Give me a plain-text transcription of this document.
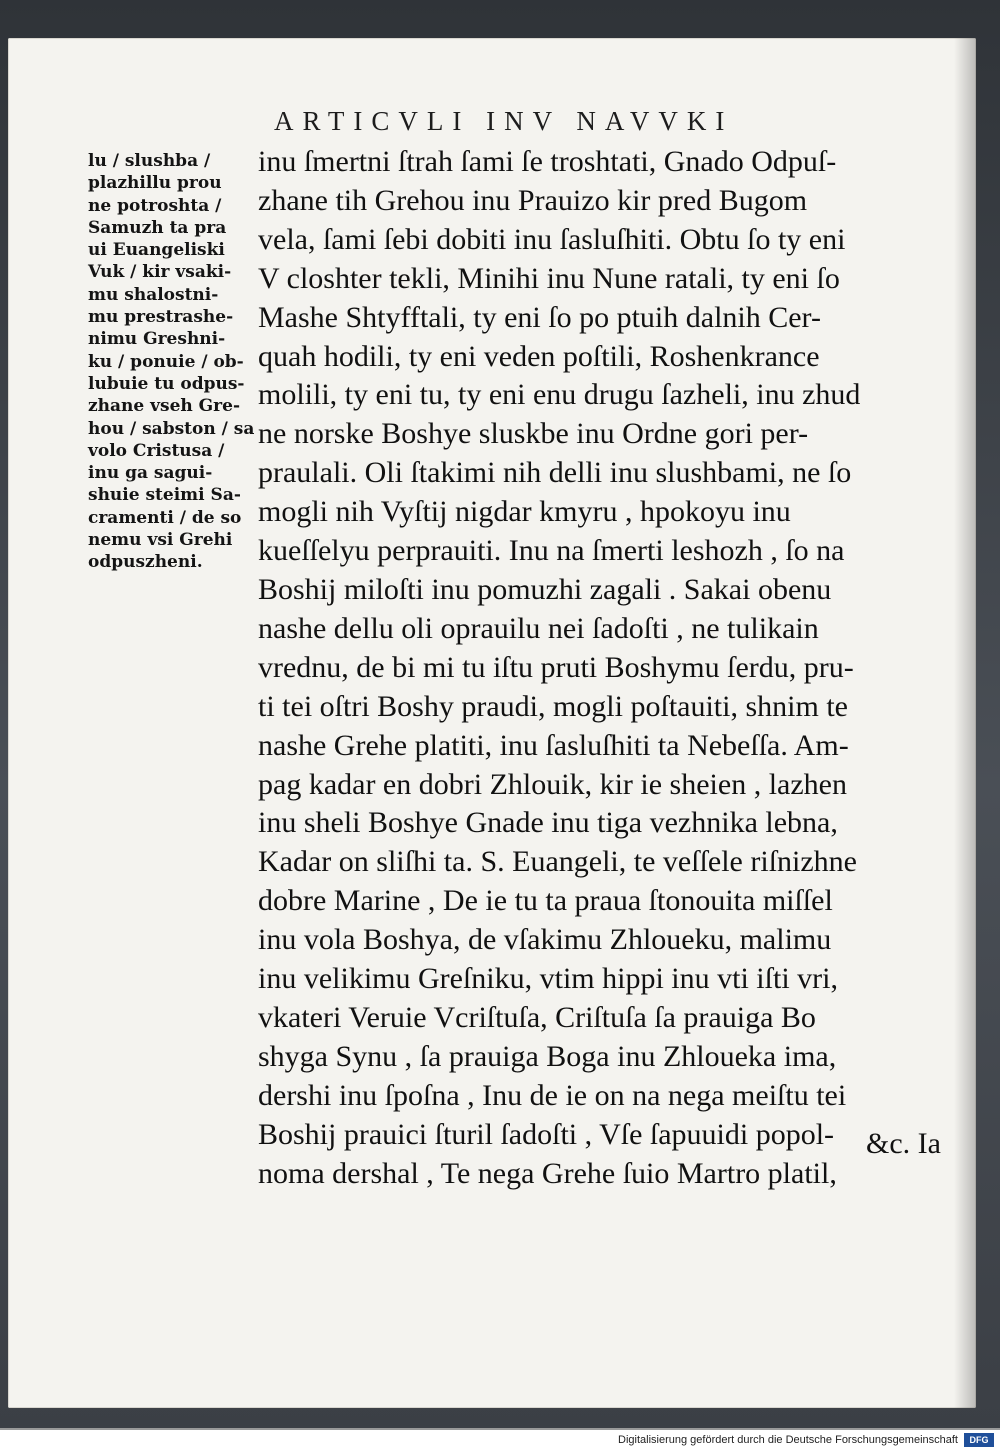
ARTICVLI INV NAVVKI
lu / slushba /
plazhillu prou
ne potroshta /
Samuzh ta pra
ui Euangeliski
Vuk / kir vsaki-
mu shalostni-
mu prestrashe-
nimu Greshni-
ku / ponuie / ob-
lubuie tu odpus-
zhane vseh Gre-
hou / sabston / sa
volo Cristusa /
inu ga sagui-
shuie steimi Sa-
cramenti / de so
nemu vsi Grehi
odpuszheni.
inu ſmertni ſtrah ſami ſe troshtati, Gnado Odpuſ-
zhane tih Grehou inu Prauizo kir pred Bugom
vela, ſami ſebi dobiti inu ſasluſhiti. Obtu ſo ty eni
V closhter tekli, Minihi inu Nune ratali, ty eni ſo
Mashe Shtyfftali, ty eni ſo po ptuih dalnih Cer-
quah hodili, ty eni veden poſtili, Roshenkrance
molili, ty eni tu, ty eni enu drugu ſazheli, inu zhud
ne norske Boshye sluskbe inu Ordne gori per-
praulali. Oli ſtakimi nih delli inu slushbami, ne ſo
mogli nih Vyſtij nigdar kmyru , hpokoyu inu
kueſſelyu perprauiti. Inu na ſmerti leshozh , ſo na
Boshij miloſti inu pomuzhi zagali . Sakai obenu
nashe dellu oli oprauilu nei ſadoſti , ne tulikain
vrednu, de bi mi tu iſtu pruti Boshymu ſerdu, pru-
ti tei oſtri Boshy praudi, mogli poſtauiti, shnim te
nashe Grehe platiti, inu ſasluſhiti ta Nebeſſa. Am-
pag kadar en dobri Zhlouik, kir ie sheien , lazhen
inu sheli Boshye Gnade inu tiga vezhnika lebna,
Kadar on sliſhi ta. S. Euangeli, te veſſele riſnizhne
dobre Marine , De ie tu ta praua ſtonouita miſſel
inu vola Boshya, de vſakimu Zhloueku, malimu
inu velikimu Greſniku, vtim hippi inu vti iſti vri,
vkateri Veruie Vcriſtuſa, Criſtuſa ſa prauiga Bo
shyga Synu , ſa prauiga Boga inu Zhloueka ima,
dershi inu ſpoſna , Inu de ie on na nega meiſtu tei
Boshij prauici ſturil ſadoſti , Vſe ſapuuidi popol-
noma dershal , Te nega Grehe ſuio Martro platil,
&c. Ia
Digitalisierung gefördert durch die Deutsche Forschungsgemeinschaft	DFG
